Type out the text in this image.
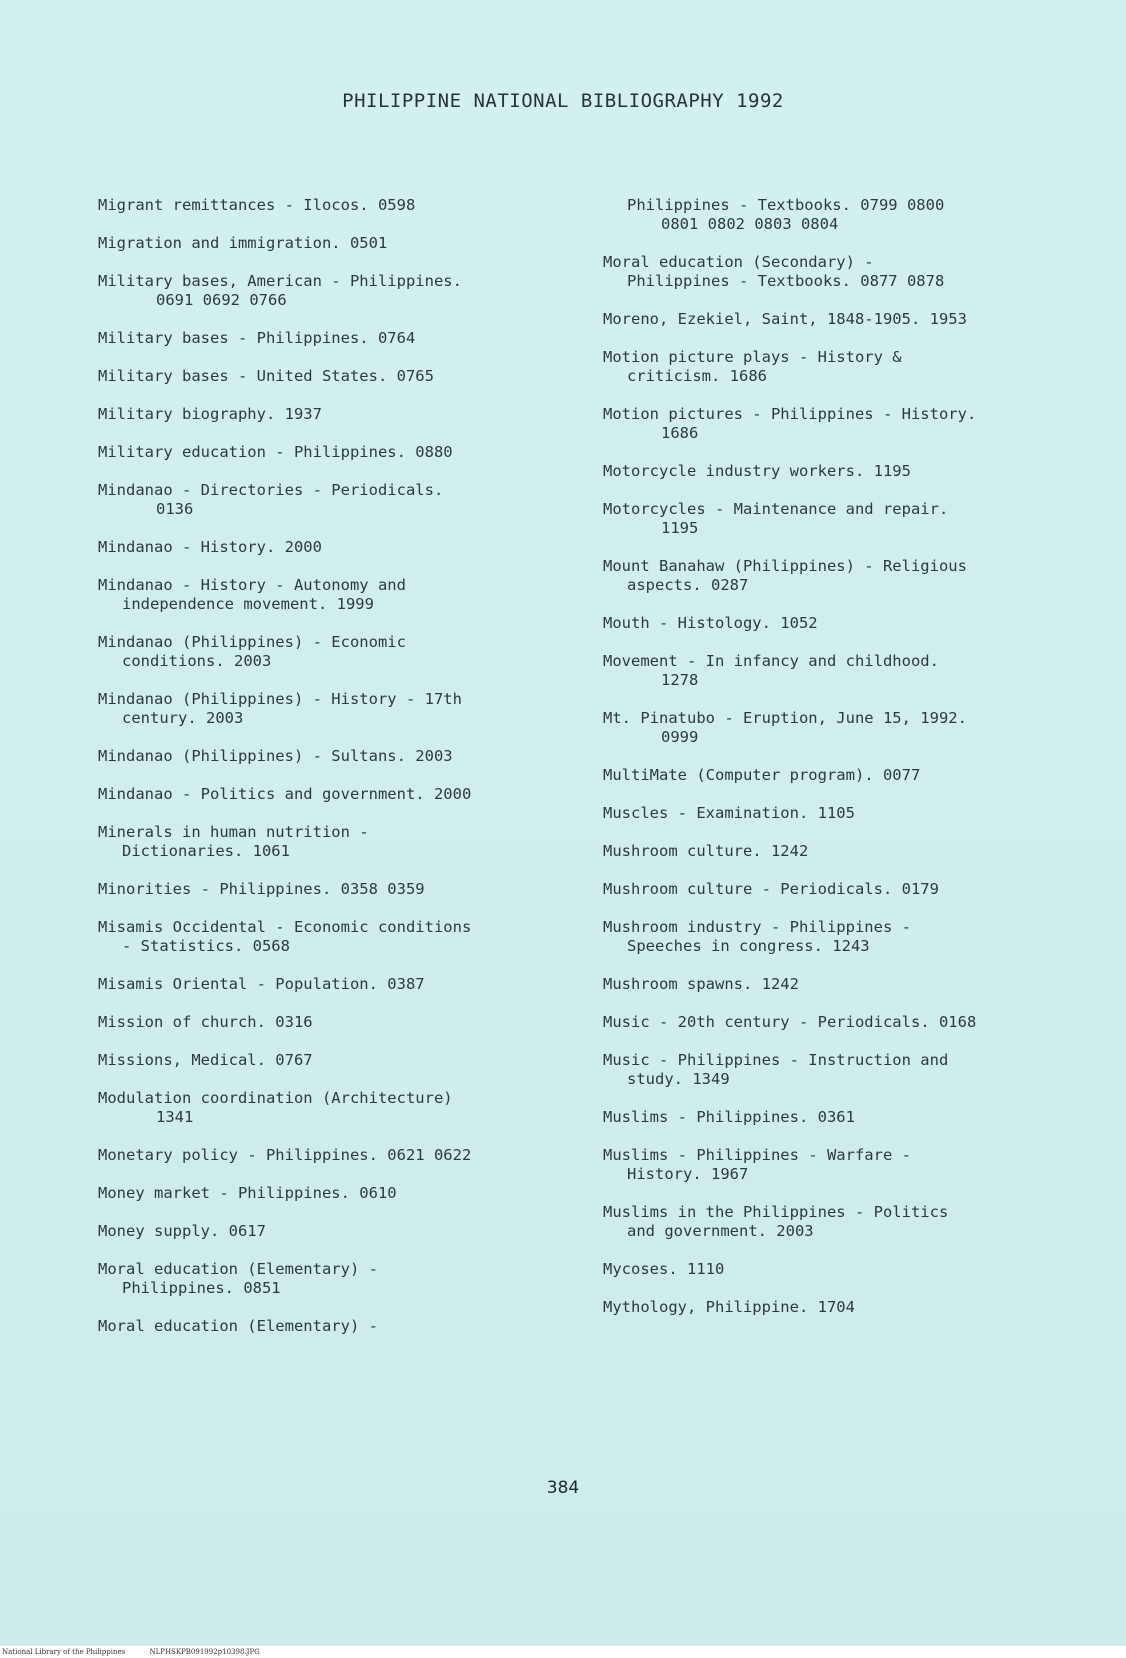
PHILIPPINE NATIONAL BIBLIOGRAPHY 1992
Migrant remittances - Ilocos. 0598
Migration and immigration. 0501
Military bases, American - Philippines.
0691 0692 0766
Military bases - Philippines. 0764
Military bases - United States. 0765
Military biography. 1937
Military education - Philippines. 0880
Mindanao - Directories - Periodicals.
0136
Mindanao - History. 2000
Mindanao - History - Autonomy and
independence movement. 1999
Mindanao (Philippines) - Economic
conditions. 2003
Mindanao (Philippines) - History - 17th
century. 2003
Mindanao (Philippines) - Sultans. 2003
Mindanao - Politics and government. 2000
Minerals in human nutrition -
Dictionaries. 1061
Minorities - Philippines. 0358 0359
Misamis Occidental - Economic conditions
- Statistics. 0568
Misamis Oriental - Population. 0387
Mission of church. 0316
Missions, Medical. 0767
Modulation coordination (Architecture)
1341
Monetary policy - Philippines. 0621 0622
Money market - Philippines. 0610
Money supply. 0617
Moral education (Elementary) -
Philippines. 0851
Moral education (Elementary) -
Philippines - Textbooks. 0799 0800
0801 0802 0803 0804
Moral education (Secondary) -
Philippines - Textbooks. 0877 0878
Moreno, Ezekiel, Saint, 1848-1905. 1953
Motion picture plays - History &
criticism. 1686
Motion pictures - Philippines - History.
1686
Motorcycle industry workers. 1195
Motorcycles - Maintenance and repair.
1195
Mount Banahaw (Philippines) - Religious
aspects. 0287
Mouth - Histology. 1052
Movement - In infancy and childhood.
1278
Mt. Pinatubo - Eruption, June 15, 1992.
0999
MultiMate (Computer program). 0077
Muscles - Examination. 1105
Mushroom culture. 1242
Mushroom culture - Periodicals. 0179
Mushroom industry - Philippines -
Speeches in congress. 1243
Mushroom spawns. 1242
Music - 20th century - Periodicals. 0168
Music - Philippines - Instruction and
study. 1349
Muslims - Philippines. 0361
Muslims - Philippines - Warfare -
History. 1967
Muslims in the Philippines - Politics
and government. 2003
Mycoses. 1110
Mythology, Philippine. 1704
384
National Library of the Philippines	NLPHSKPB091992p10398.JPG
